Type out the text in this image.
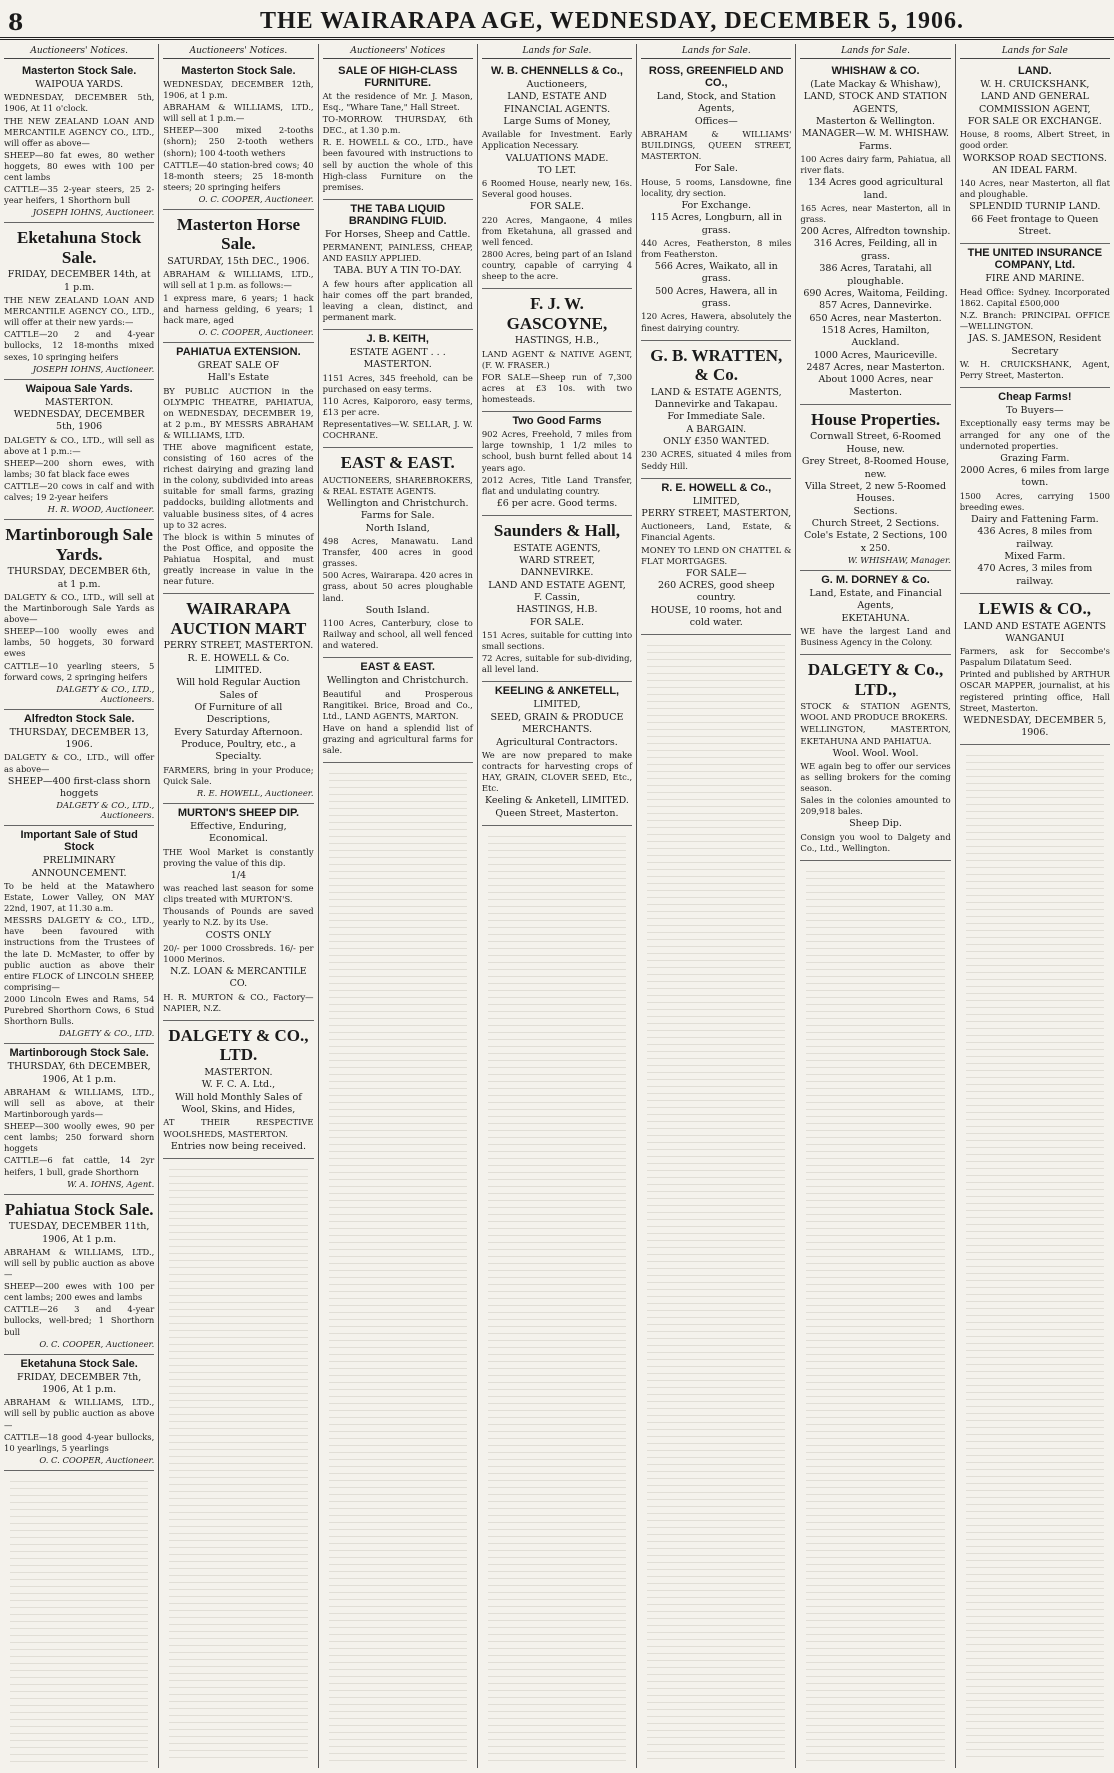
8	THE WAIRARAPA AGE, WEDNESDAY, DECEMBER 5, 1906.
Auctioneers' Notices.
Masterton Stock Sale.
WAIPOUA YARDS.
WEDNESDAY, DECEMBER 5th, 1906, At 11 o'clock.
THE NEW ZEALAND LOAN AND MERCANTILE AGENCY CO., LTD., will offer as above—
SHEEP—80 fat ewes, 80 wether hoggets, 80 ewes with 100 per cent lambs
CATTLE—35 2-year steers, 25 2-year heifers, 1 Shorthorn bull
JOSEPH IOHNS, Auctioneer.
Eketahuna Stock Sale.
FRIDAY, DECEMBER 14th, at 1 p.m.
THE NEW ZEALAND LOAN AND MERCANTILE AGENCY CO., LTD., will offer at their new yards:—
CATTLE—20 2 and 4-year bullocks, 12 18-months mixed sexes, 10 springing heifers
JOSEPH IOHNS, Auctioneer.
Waipoua Sale Yards.
MASTERTON.
WEDNESDAY, DECEMBER 5th, 1906
DALGETY & CO., LTD., will sell as above at 1 p.m.:—
SHEEP—200 shorn ewes, with lambs; 30 fat black face ewes
CATTLE—20 cows in calf and with calves; 19 2-year heifers
H. R. WOOD, Auctioneer.
Martinborough Sale Yards.
THURSDAY, DECEMBER 6th, at 1 p.m.
DALGETY & CO., LTD., will sell at the Martinborough Sale Yards as above—
SHEEP—100 woolly ewes and lambs, 50 hoggets, 30 forward ewes
CATTLE—10 yearling steers, 5 forward cows, 2 springing heifers
DALGETY & CO., LTD., Auctioneers.
Alfredton Stock Sale.
THURSDAY, DECEMBER 13, 1906.
DALGETY & CO., LTD., will offer as above—
SHEEP—400 first-class shorn hoggets
DALGETY & CO., LTD., Auctioneers.
Important Sale of Stud Stock
PRELIMINARY ANNOUNCEMENT.
To be held at the Matawhero Estate, Lower Valley, ON MAY 22nd, 1907, at 11.30 a.m.
MESSRS DALGETY & CO., LTD., have been favoured with instructions from the Trustees of the late D. McMaster, to offer by public auction as above their entire FLOCK of LINCOLN SHEEP, comprising—
2000 Lincoln Ewes and Rams, 54 Purebred Shorthorn Cows, 6 Stud Shorthorn Bulls.
DALGETY & CO., LTD.
Martinborough Stock Sale.
THURSDAY, 6th DECEMBER, 1906, At 1 p.m.
ABRAHAM & WILLIAMS, LTD., will sell as above, at their Martinborough yards—
SHEEP—300 woolly ewes, 90 per cent lambs; 250 forward shorn hoggets
CATTLE—6 fat cattle, 14 2yr heifers, 1 bull, grade Shorthorn
W. A. IOHNS, Agent.
Pahiatua Stock Sale.
TUESDAY, DECEMBER 11th, 1906, At 1 p.m.
ABRAHAM & WILLIAMS, LTD., will sell by public auction as above—
SHEEP—200 ewes with 100 per cent lambs; 200 ewes and lambs
CATTLE—26 3 and 4-year bullocks, well-bred; 1 Shorthorn bull
O. C. COOPER, Auctioneer.
Eketahuna Stock Sale.
FRIDAY, DECEMBER 7th, 1906, At 1 p.m.
ABRAHAM & WILLIAMS, LTD., will sell by public auction as above—
CATTLE—18 good 4-year bullocks, 10 yearlings, 5 yearlings
O. C. COOPER, Auctioneer.
Auctioneers' Notices.
Masterton Stock Sale.
WEDNESDAY, DECEMBER 12th, 1906, at 1 p.m.
ABRAHAM & WILLIAMS, LTD., will sell at 1 p.m.—
SHEEP—300 mixed 2-tooths (shorn); 250 2-tooth wethers (shorn); 100 4-tooth wethers
CATTLE—40 station-bred cows; 40 18-month steers; 25 18-month steers; 20 springing heifers
O. C. COOPER, Auctioneer.
Masterton Horse Sale.
SATURDAY, 15th DEC., 1906.
ABRAHAM & WILLIAMS, LTD., will sell at 1 p.m. as follows:—
1 express mare, 6 years; 1 hack and harness gelding, 6 years; 1 hack mare, aged
O. C. COOPER, Auctioneer.
PAHIATUA EXTENSION.
GREAT SALE OF
Hall's Estate
BY PUBLIC AUCTION in the OLYMPIC THEATRE, PAHIATUA, on WEDNESDAY, DECEMBER 19, at 2 p.m., BY MESSRS ABRAHAM & WILLIAMS, LTD.
THE above magnificent estate, consisting of 160 acres of the richest dairying and grazing land in the colony, subdivided into areas suitable for small farms, grazing paddocks, building allotments and valuable business sites, of 4 acres up to 32 acres.
The block is within 5 minutes of the Post Office, and opposite the Pahiatua Hospital, and must greatly increase in value in the near future.
WAIRARAPA AUCTION MART
PERRY STREET, MASTERTON.
R. E. HOWELL & Co.
LIMITED.
Will hold Regular Auction Sales of
Of Furniture of all Descriptions,
Every Saturday Afternoon.
Produce, Poultry, etc., a Specialty.
FARMERS, bring in your Produce; Quick Sale.
R. E. HOWELL, Auctioneer.
MURTON'S SHEEP DIP.
Effective, Enduring, Economical.
THE Wool Market is constantly proving the value of this dip.
1/4
was reached last season for some clips treated with MURTON'S.
Thousands of Pounds are saved yearly to N.Z. by its Use.
COSTS ONLY
20/- per 1000 Crossbreds. 16/- per 1000 Merinos.
N.Z. LOAN & MERCANTILE CO.
H. R. MURTON & CO., Factory—NAPIER, N.Z.
DALGETY & CO., LTD.
MASTERTON.
W. F. C. A. Ltd.,
Will hold Monthly Sales of
Wool, Skins, and Hides,
AT THEIR RESPECTIVE WOOLSHEDS, MASTERTON.
Entries now being received.
Auctioneers' Notices
SALE OF HIGH-CLASS FURNITURE.
At the residence of Mr. J. Mason, Esq., "Whare Tane," Hall Street.
TO-MORROW. THURSDAY, 6th DEC., at 1.30 p.m.
R. E. HOWELL & CO., LTD., have been favoured with instructions to sell by auction the whole of this High-class Furniture on the premises.
THE TABA LIQUID BRANDING FLUID.
For Horses, Sheep and Cattle.
PERMANENT, PAINLESS, CHEAP, AND EASILY APPLIED.
TABA. BUY A TIN TO-DAY.
A few hours after application all hair comes off the part branded, leaving a clean, distinct, and permanent mark.
J. B. KEITH,
ESTATE AGENT . . . MASTERTON.
1151 Acres, 345 freehold, can be purchased on easy terms.
110 Acres, Kaipororo, easy terms, £13 per acre.
Representatives—W. SELLAR, J. W. COCHRANE.
EAST & EAST.
AUCTIONEERS, SHAREBROKERS, & REAL ESTATE AGENTS.
Wellington and Christchurch.
Farms for Sale.
North Island,
498 Acres, Manawatu. Land Transfer, 400 acres in good grasses.
500 Acres, Wairarapa. 420 acres in grass, about 50 acres ploughable land.
South Island.
1100 Acres, Canterbury, close to Railway and school, all well fenced and watered.
EAST & EAST.
Wellington and Christchurch.
Beautiful and Prosperous Rangitikei. Brice, Broad and Co., Ltd., LAND AGENTS, MARTON.
Have on hand a splendid list of grazing and agricultural farms for sale.
Lands for Sale.
W. B. CHENNELLS & Co.,
Auctioneers,
LAND, ESTATE AND FINANCIAL AGENTS.
Large Sums of Money,
Available for Investment. Early Application Necessary.
VALUATIONS MADE.
TO LET.
6 Roomed House, nearly new, 16s. Several good houses.
FOR SALE.
220 Acres, Mangaone, 4 miles from Eketahuna, all grassed and well fenced.
2800 Acres, being part of an Island country, capable of carrying 4 sheep to the acre.
F. J. W. GASCOYNE,
HASTINGS, H.B.,
LAND AGENT & NATIVE AGENT, (F. W. FRASER.)
FOR SALE—Sheep run of 7,300 acres at £3 10s. with two homesteads.
Two Good Farms
902 Acres, Freehold, 7 miles from large township, 1 1/2 miles to school, bush burnt felled about 14 years ago.
2012 Acres, Title Land Transfer, flat and undulating country.
£6 per acre. Good terms.
Saunders & Hall,
ESTATE AGENTS,
WARD STREET, DANNEVIRKE.
LAND AND ESTATE AGENT,
F. Cassin,
HASTINGS, H.B.
FOR SALE.
151 Acres, suitable for cutting into small sections.
72 Acres, suitable for sub-dividing, all level land.
KEELING & ANKETELL,
LIMITED,
SEED, GRAIN & PRODUCE MERCHANTS.
Agricultural Contractors.
We are now prepared to make contracts for harvesting crops of HAY, GRAIN, CLOVER SEED, Etc., Etc.
Keeling & Anketell, LIMITED.
Queen Street, Masterton.
Lands for Sale.
ROSS, GREENFIELD AND CO.,
Land, Stock, and Station Agents,
Offices—
ABRAHAM & WILLIAMS' BUILDINGS, QUEEN STREET, MASTERTON.
For Sale.
House, 5 rooms, Lansdowne, fine locality, dry section.
For Exchange.
115 Acres, Longburn, all in grass.
440 Acres, Featherston, 8 miles from Featherston.
566 Acres, Waikato, all in grass.
500 Acres, Hawera, all in grass.
120 Acres, Hawera, absolutely the finest dairying country.
G. B. WRATTEN, & Co.
LAND & ESTATE AGENTS,
Dannevirke and Takapau.
For Immediate Sale.
A BARGAIN.
ONLY £350 WANTED.
230 ACRES, situated 4 miles from Seddy Hill.
R. E. HOWELL & Co.,
LIMITED,
PERRY STREET, MASTERTON,
Auctioneers, Land, Estate, & Financial Agents.
MONEY TO LEND ON CHATTEL & FLAT MORTGAGES.
FOR SALE—
260 ACRES, good sheep country.
HOUSE, 10 rooms, hot and cold water.
Lands for Sale.
WHISHAW & CO.
(Late Mackay & Whishaw),
LAND, STOCK AND STATION AGENTS,
Masterton & Wellington.
MANAGER—W. M. WHISHAW.
Farms.
100 Acres dairy farm, Pahiatua, all river flats.
134 Acres good agricultural land.
165 Acres, near Masterton, all in grass.
200 Acres, Alfredton township.
316 Acres, Feilding, all in grass.
386 Acres, Taratahi, all ploughable.
690 Acres, Waitoma, Feilding.
857 Acres, Dannevirke.
650 Acres, near Masterton.
1518 Acres, Hamilton, Auckland.
1000 Acres, Mauriceville.
2487 Acres, near Masterton.
About 1000 Acres, near Masterton.
House Properties.
Cornwall Street, 6-Roomed House, new.
Grey Street, 8-Roomed House, new.
Villa Street, 2 new 5-Roomed Houses.
Sections.
Church Street, 2 Sections.
Cole's Estate, 2 Sections, 100 x 250.
W. WHISHAW, Manager.
G. M. DORNEY & Co.
Land, Estate, and Financial Agents,
EKETAHUNA.
WE have the largest Land and Business Agency in the Colony.
DALGETY & Co., LTD.,
STOCK & STATION AGENTS, WOOL AND PRODUCE BROKERS.
WELLINGTON, MASTERTON, EKETAHUNA AND PAHIATUA.
Wool. Wool. Wool.
WE again beg to offer our services as selling brokers for the coming season.
Sales in the colonies amounted to 209,918 bales.
Sheep Dip.
Consign you wool to Dalgety and Co., Ltd., Wellington.
Lands for Sale
LAND.
W. H. CRUICKSHANK,
LAND AND GENERAL COMMISSION AGENT,
FOR SALE OR EXCHANGE.
House, 8 rooms, Albert Street, in good order.
WORKSOP ROAD SECTIONS.
AN IDEAL FARM.
140 Acres, near Masterton, all flat and ploughable.
SPLENDID TURNIP LAND.
66 Feet frontage to Queen Street.
THE UNITED INSURANCE COMPANY, Ltd.
FIRE AND MARINE.
Head Office: Sydney. Incorporated 1862. Capital £500,000
N.Z. Branch: PRINCIPAL OFFICE—WELLINGTON.
JAS. S. JAMESON, Resident Secretary
W. H. CRUICKSHANK, Agent, Perry Street, Masterton.
Cheap Farms!
To Buyers—
Exceptionally easy terms may be arranged for any one of the undernoted properties.
Grazing Farm.
2000 Acres, 6 miles from large town.
1500 Acres, carrying 1500 breeding ewes.
Dairy and Fattening Farm.
436 Acres, 8 miles from railway.
Mixed Farm.
470 Acres, 3 miles from railway.
LEWIS & CO.,
LAND AND ESTATE AGENTS
WANGANUI
Farmers, ask for Seccombe's Paspalum Dilatatum Seed.
Printed and published by ARTHUR OSCAR MAPPER, journalist, at his registered printing office, Hall Street, Masterton.
WEDNESDAY, DECEMBER 5, 1906.
